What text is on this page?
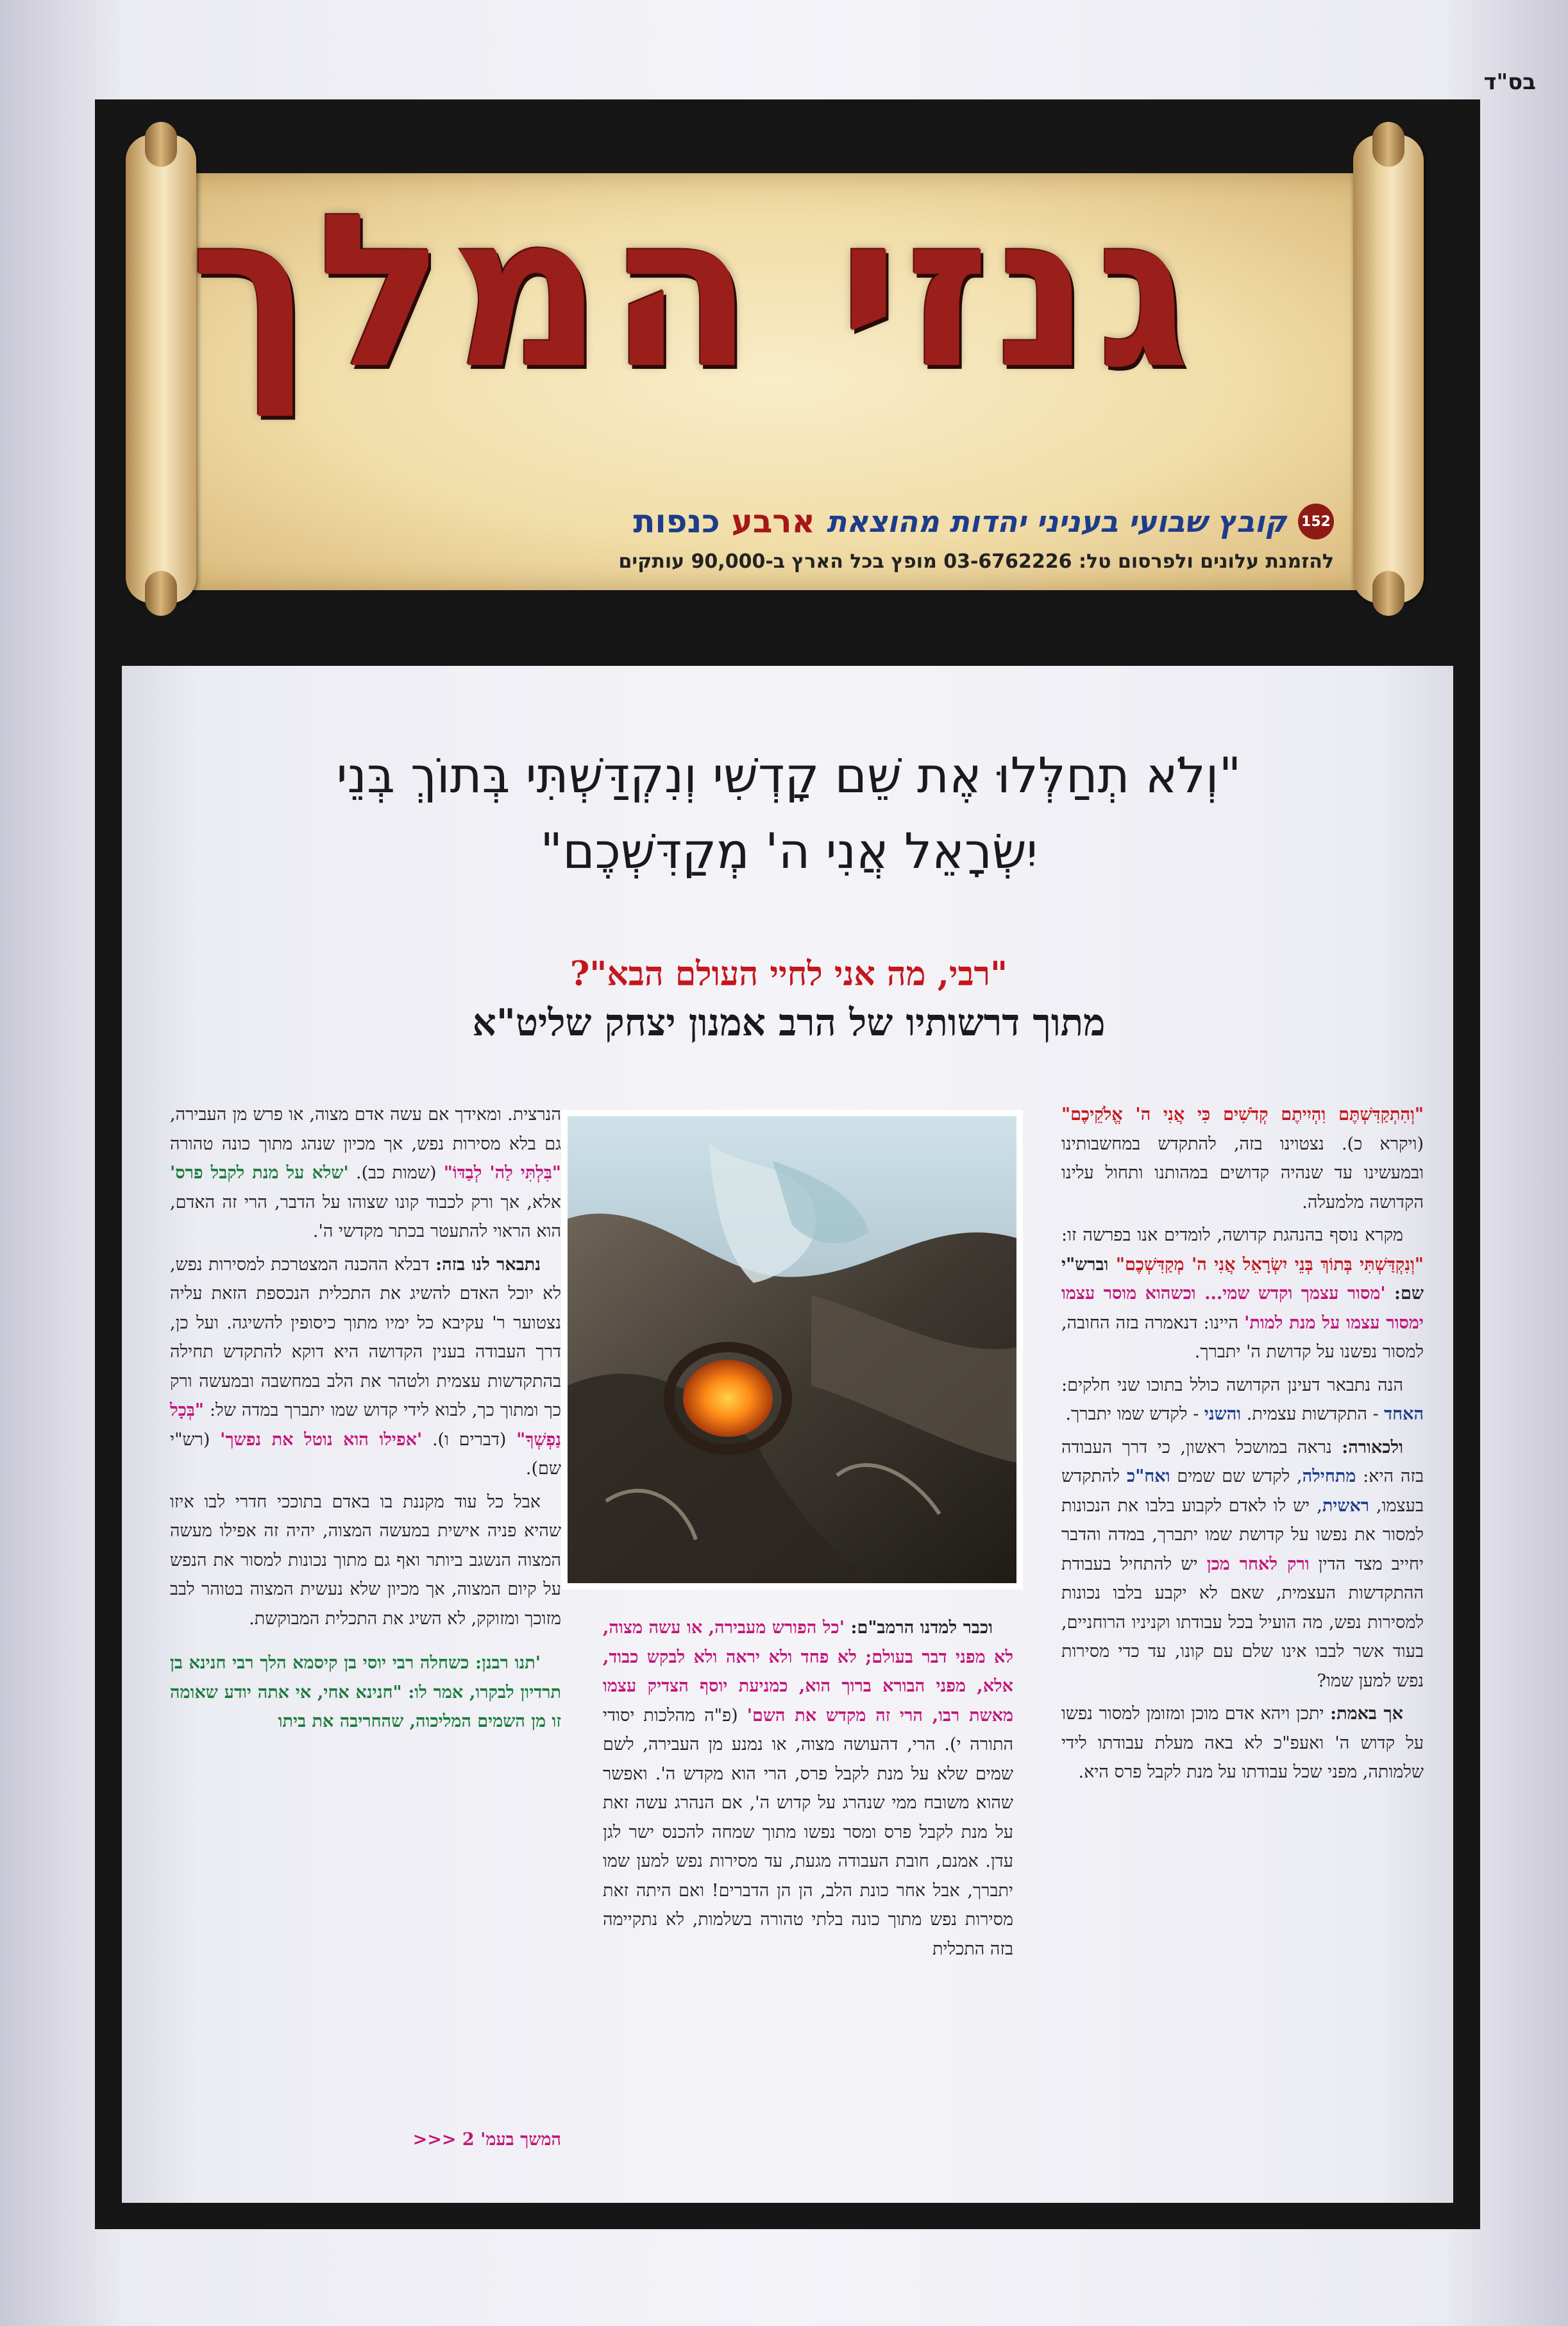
בס"ד
גנזי המלך
152
קובץ שבועי בעניני יהדות מהוצאת
ארבע
כנפות
להזמנת עלונים ולפרסום טל: 03-6762226 מופץ בכל הארץ ב-90,000 עותקים
"וְלֹא תְחַלְּלוּ אֶת שֵׁם קָדְשִׁי וְנִקְדַּשְׁתִּי בְּתוֹךְ בְּנֵי
יִשְׂרָאֵל אֲנִי ה' מְקַדִּשְׁכֶם"
"רבי, מה אני לחיי העולם הבא"?
מתוך דרשותיו של הרב אמנון יצחק שליט"א

"וְהִתְקַדִּשְׁתֶּם וִהְיִיתֶם קְדֹשִׁים כִּי אֲנִי ה' אֱלֹקֵיכֶם" (ויקרא כ). נצטוינו בזה, להתקדש במחשבותינו ובמעשינו עד שנהיה קדושים במהותנו ותחול עלינו הקדושה מלמעלה.

מקרא נוסף בהנהגת קדושה, לומדים אנו בפרשה זו: "וְנִקְדַּשְׁתִּי בְּתוֹךְ בְּנֵי יִשְׂרָאֵל אֲנִי ה' מְקַדִּשְׁכֶם" וברש"י שם: 'מסור עצמך וקדש שמי... וכשהוא מוסר עצמו ימסור עצמו על מנת למות' היינו: דנאמרה בזה החובה, למסור נפשנו על קדושת ה' יתברך.

הנה נתבאר דעינן הקדושה כולל בתוכו שני חלקים: האחד - התקדשות עצמית. והשני - לקדש שמו יתברך.

ולכאורה: נראה במושכל ראשון, כי דרך העבודה בזה היא: מתחילה, לקדש שם שמים ואח"כ להתקדש בעצמו, ראשית, יש לו לאדם לקבוע בלבו את הנכונות למסור את נפשו על קדושת שמו יתברך, במדה והדבר יחייב מצד הדין ורק לאחר מכן יש להתחיל בעבודת ההתקדשות העצמית, שאם לא יקבע בלבו נכונות למסירות נפש, מה הועיל בכל עבודתו וקניניו הרוחניים, בעוד אשר לבבו אינו שלם עם קונו, עד כדי מסירות נפש למען שמו?

אך באמת: יתכן ויהא אדם מוכן ומזומן למסור נפשו על קדוש ה' ואעפ"כ לא באה מעלת עבודתו לידי שלמותה, מפני שכל עבודתו על מנת לקבל פרס היא.

וכבר למדנו הרמב"ם: 'כל הפורש מעבירה, או עשה מצוה, לא מפני דבר בעולם; לא פחד ולא יראה ולא לבקש כבוד, אלא, מפני הבורא ברוך הוא, כמניעת יוסף הצדיק עצמו מאשת רבו, הרי זה מקדש את השם' (פ"ה מהלכות יסודי התורה י). הרי, דהעושה מצוה, או נמנע מן העבירה, לשם שמים שלא על מנת לקבל פרס, הרי הוא מקדש ה'. ואפשר שהוא משובח ממי שנהרג על קדוש ה', אם הנהרג עשה זאת על מנת לקבל פרס ומסר נפשו מתוך שמחה להכנס ישר לגן עדן. אמנם, חובת העבודה מגעת, עד מסירות נפש למען שמו יתברך, אבל אחר כונת הלב, הן הן הדברים! ואם היתה זאת מסירות נפש מתוך כונה בלתי טהורה בשלמות, לא נתקיימה בזה התכלית

הנרצית. ומאידך אם עשה אדם מצוה, או פרש מן העבירה, גם בלא מסירות נפש, אך מכיון שנהג מתוך כונה טהורה "בִּלְתִּי לַה' לְבַדּוֹ" (שמות כב). 'שלא על מנת לקבל פרס' אלא, אך ורק לכבוד קונו שצוהו על הדבר, הרי זה האדם, הוא הראוי להתעטר בכתר מקדשי ה'.

נתבאר לנו בזה: דבלא ההכנה המצטרכת למסירות נפש, לא יוכל האדם להשיג את התכלית הנכספת הזאת עליה נצטוער ר' עקיבא כל ימיו מתוך כיסופין להשיגה. ועל כן, דרך העבודה בענין הקדושה היא דוקא להתקדש תחילה בהתקדשות עצמית ולטהר את הלב במחשבה ובמעשה ורק כך ומתוך כך, לבוא לידי קדוש שמו יתברך במדה של: "בְּכָל נַפְשְׁךָ" (דברים ו). 'אפילו הוא נוטל את נפשך' (רש"י שם).

אבל כל עוד מקננת בו באדם בתוככי חדרי לבו איזו שהיא פניה אישית במעשה המצוה, יהיה זה אפילו מעשה המצוה הנשגב ביותר ואף גם מתוך נכונות למסור את הנפש על קיום המצוה, אך מכיון שלא נעשית המצוה בטוהר לבב מזוכך ומזוקק, לא השיג את התכלית המבוקשת.

'תנו רבנן: כשחלה רבי יוסי בן קיסמא הלך רבי חנינא בן תרדיון לבקרו, אמר לו: "חנינא אחי, אי אתה יודע שאומה זו מן השמים המליכוה, שהחריבה את ביתו

המשך בעמ' 2 <<<
